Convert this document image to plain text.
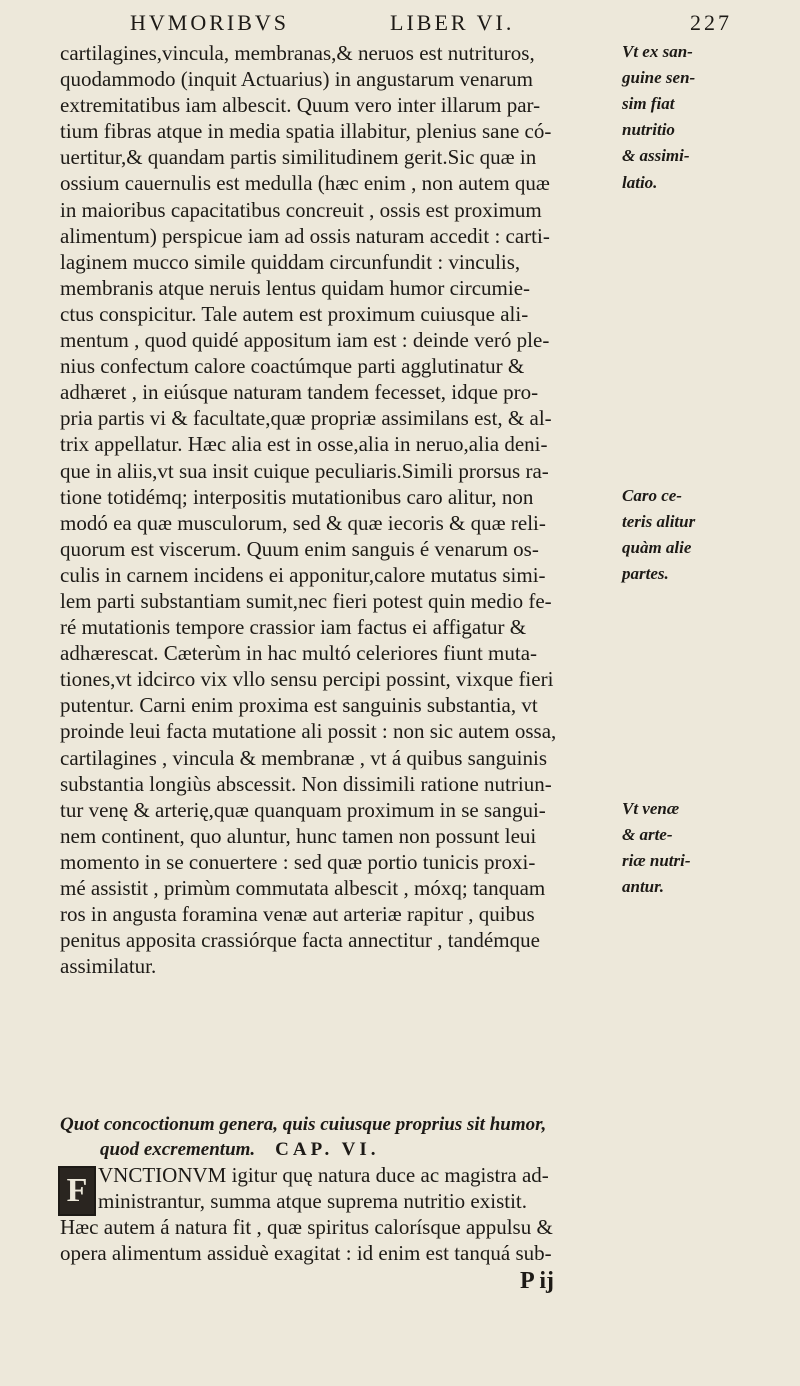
HVMORIBVS	LIBER VI.	227
cartilagines,vincula, membranas,& neruos est nutrituros,
quodammodo (inquit Actuarius) in angustarum venarum
extremitatibus iam albescit. Quum vero inter illarum par-
tium fibras atque in media spatia illabitur, plenius sane có-
uertitur,& quandam partis similitudinem gerit.Sic quæ in
ossium cauernulis est medulla (hæc enim , non autem quæ
in maioribus capacitatibus concreuit , ossis est proximum
alimentum) perspicue iam ad ossis naturam accedit : carti-
laginem mucco simile quiddam circunfundit : vinculis,
membranis atque neruis lentus quidam humor circumie-
ctus conspicitur. Tale autem est proximum cuiusque ali-
mentum , quod quidé appositum iam est : deinde veró ple-
nius confectum calore coactúmque parti agglutinatur &
adhæret , in eiúsque naturam tandem fecesset, idque pro-
pria partis vi & facultate,quæ propriæ assimilans est, & al-
trix appellatur. Hæc alia est in osse,alia in neruo,alia deni-
que in aliis,vt sua insit cuique peculiaris.Simili prorsus ra-
tione totidémq; interpositis mutationibus caro alitur, non
modó ea quæ musculorum, sed & quæ iecoris & quæ reli-
quorum est viscerum. Quum enim sanguis é venarum os-
culis in carnem incidens ei apponitur,calore mutatus simi-
lem parti substantiam sumit,nec fieri potest quin medio fe-
ré mutationis tempore crassior iam factus ei affigatur &
adhærescat. Cæterùm in hac multó celeriores fiunt muta-
tiones,vt idcirco vix vllo sensu percipi possint, vixque fieri
putentur. Carni enim proxima est sanguinis substantia, vt
proinde leui facta mutatione ali possit : non sic autem ossa,
cartilagines , vincula & membranæ , vt á quibus sanguinis
substantia longiùs abscessit. Non dissimili ratione nutriun-
tur venę & arterię,quæ quanquam proximum in se sangui-
nem continent, quo aluntur, hunc tamen non possunt leui
momento in se conuertere : sed quæ portio tunicis proxi-
mé assistit , primùm commutata albescit , móxq; tanquam
ros in angusta foramina venæ aut arteriæ rapitur , quibus
penitus apposita crassiórque facta annectitur , tandémque
assimilatur.
Vt ex san-
guine sen-
sim fiat
nutritio
& assimi-
latio.
Caro ce-
teris alitur
quàm alie
partes.
Vt venæ
& arte-
riæ nutri-
antur.
Quot concoctionum genera, quis cuiusque proprius sit humor,
quod excrementum. CAP. VI.
F VNCTIONVM igitur quę natura duce ac magistra ad-
ministrantur, summa atque suprema nutritio existit.
Hæc autem á natura fit , quæ spiritus calorísque appulsu &
opera alimentum assiduè exagitat : id enim est tanquá sub-
P ij
